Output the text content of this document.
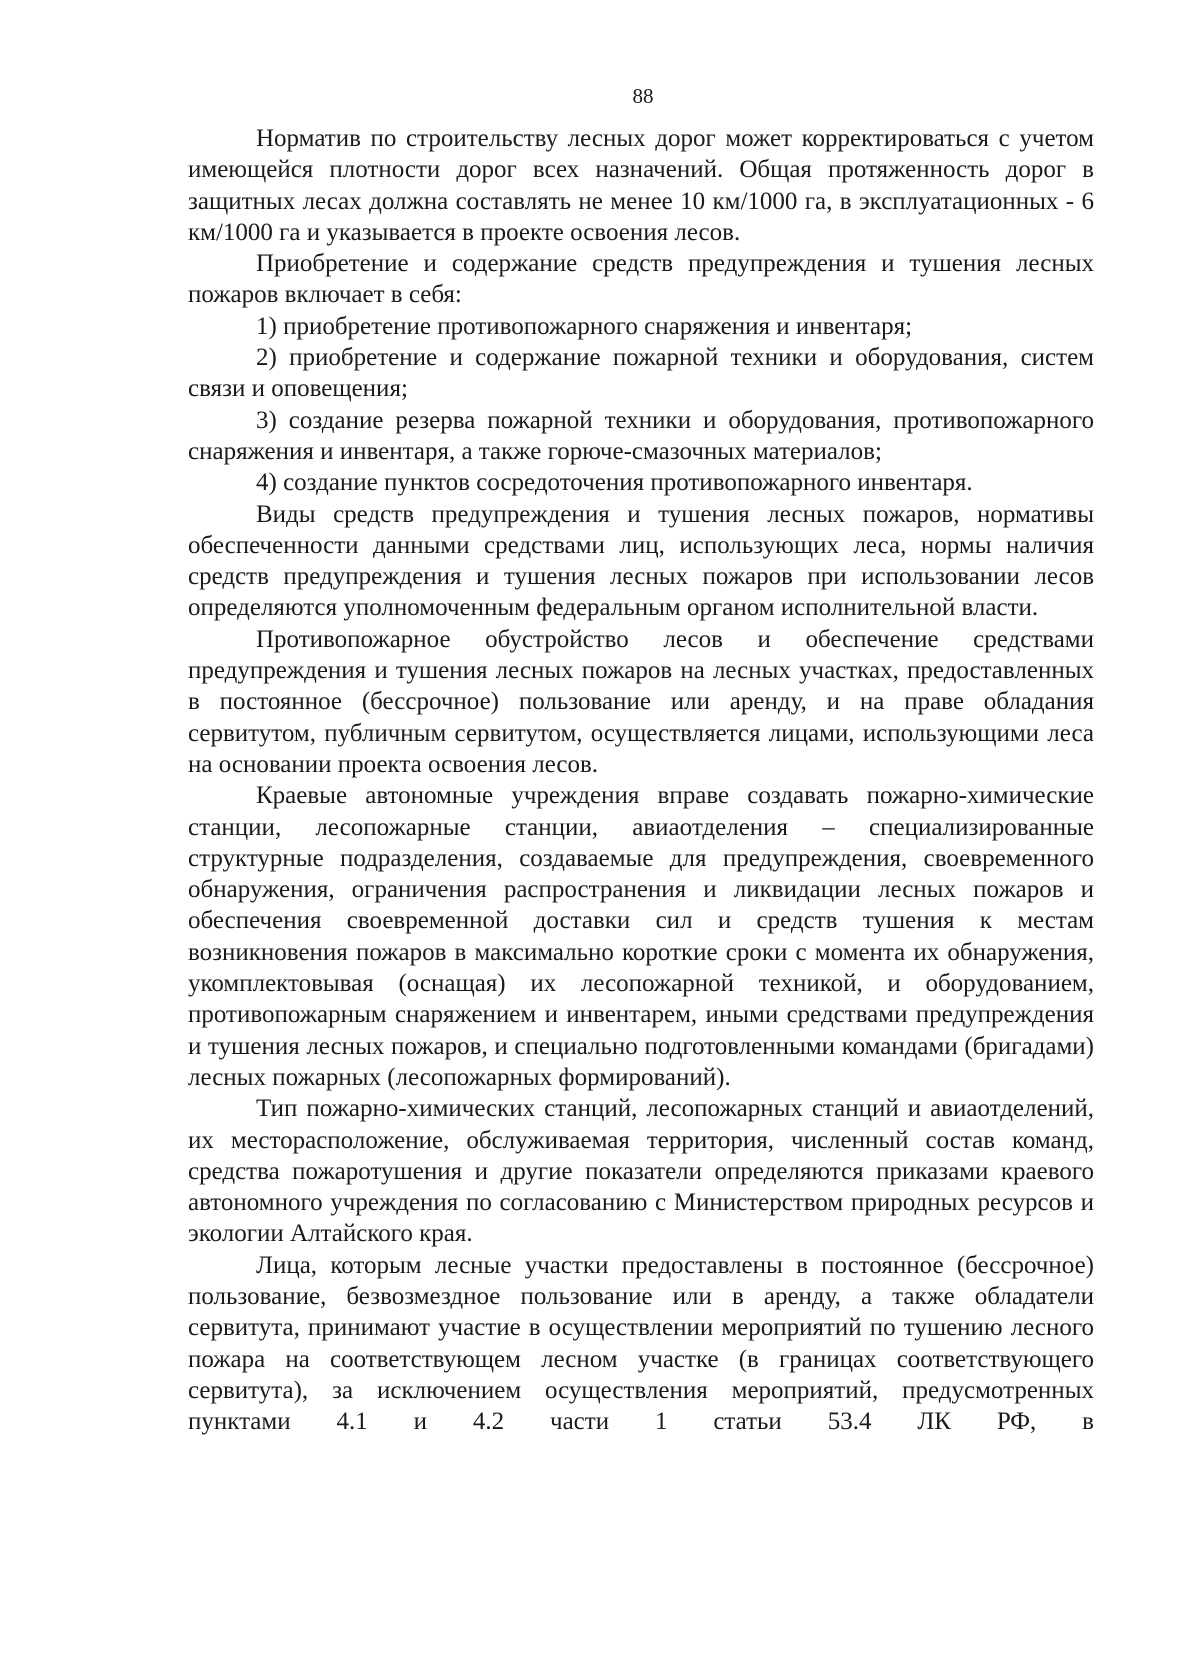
88

Норматив по строительству лесных дорог может корректироваться с учетом имеющейся плотности дорог всех назначений. Общая протяженность дорог в защитных лесах должна составлять не менее 10 км/1000 га, в эксплуатационных - 6 км/1000 га и указывается в проекте освоения лесов.

Приобретение и содержание средств предупреждения и тушения лесных пожаров включает в себя:

1) приобретение противопожарного снаряжения и инвентаря;

2) приобретение и содержание пожарной техники и оборудования, систем связи и оповещения;

3) создание резерва пожарной техники и оборудования, противопожарного снаряжения и инвентаря, а также горюче-смазочных материалов;

4) создание пунктов сосредоточения противопожарного инвентаря.

Виды средств предупреждения и тушения лесных пожаров, нормативы обеспеченности данными средствами лиц, использующих леса, нормы наличия средств предупреждения и тушения лесных пожаров при использовании лесов определяются уполномоченным федеральным органом исполнительной власти.

Противопожарное обустройство лесов и обеспечение средствами предупреждения и тушения лесных пожаров на лесных участках, предоставленных в постоянное (бессрочное) пользование или аренду, и на праве обладания сервитутом, публичным сервитутом, осуществляется лицами, использующими леса на основании проекта освоения лесов.

Краевые автономные учреждения вправе создавать пожарно-химические станции, лесопожарные станции, авиаотделения – специализированные структурные подразделения, создаваемые для предупреждения, своевременного обнаружения, ограничения распространения и ликвидации лесных пожаров и обеспечения своевременной доставки сил и средств тушения к местам возникновения пожаров в максимально короткие сроки с момента их обнаружения, укомплектовывая (оснащая) их лесопожарной техникой, и оборудованием, противопожарным снаряжением и инвентарем, иными средствами предупреждения и тушения лесных пожаров, и специально подготовленными командами (бригадами) лесных пожарных (лесопожарных формирований).

Тип пожарно-химических станций, лесопожарных станций и авиаотделений, их месторасположение, обслуживаемая территория, численный состав команд, средства пожаротушения и другие показатели определяются приказами краевого автономного учреждения по согласованию с Министерством природных ресурсов и экологии Алтайского края.

Лица, которым лесные участки предоставлены в постоянное (бессрочное) пользование, безвозмездное пользование или в аренду, а также обладатели сервитута, принимают участие в осуществлении мероприятий по тушению лесного пожара на соответствующем лесном участке (в границах соответствующего сервитута), за исключением осуществления мероприятий, предусмотренных пунктами 4.1 и 4.2 части 1 статьи 53.4 ЛК РФ, в
